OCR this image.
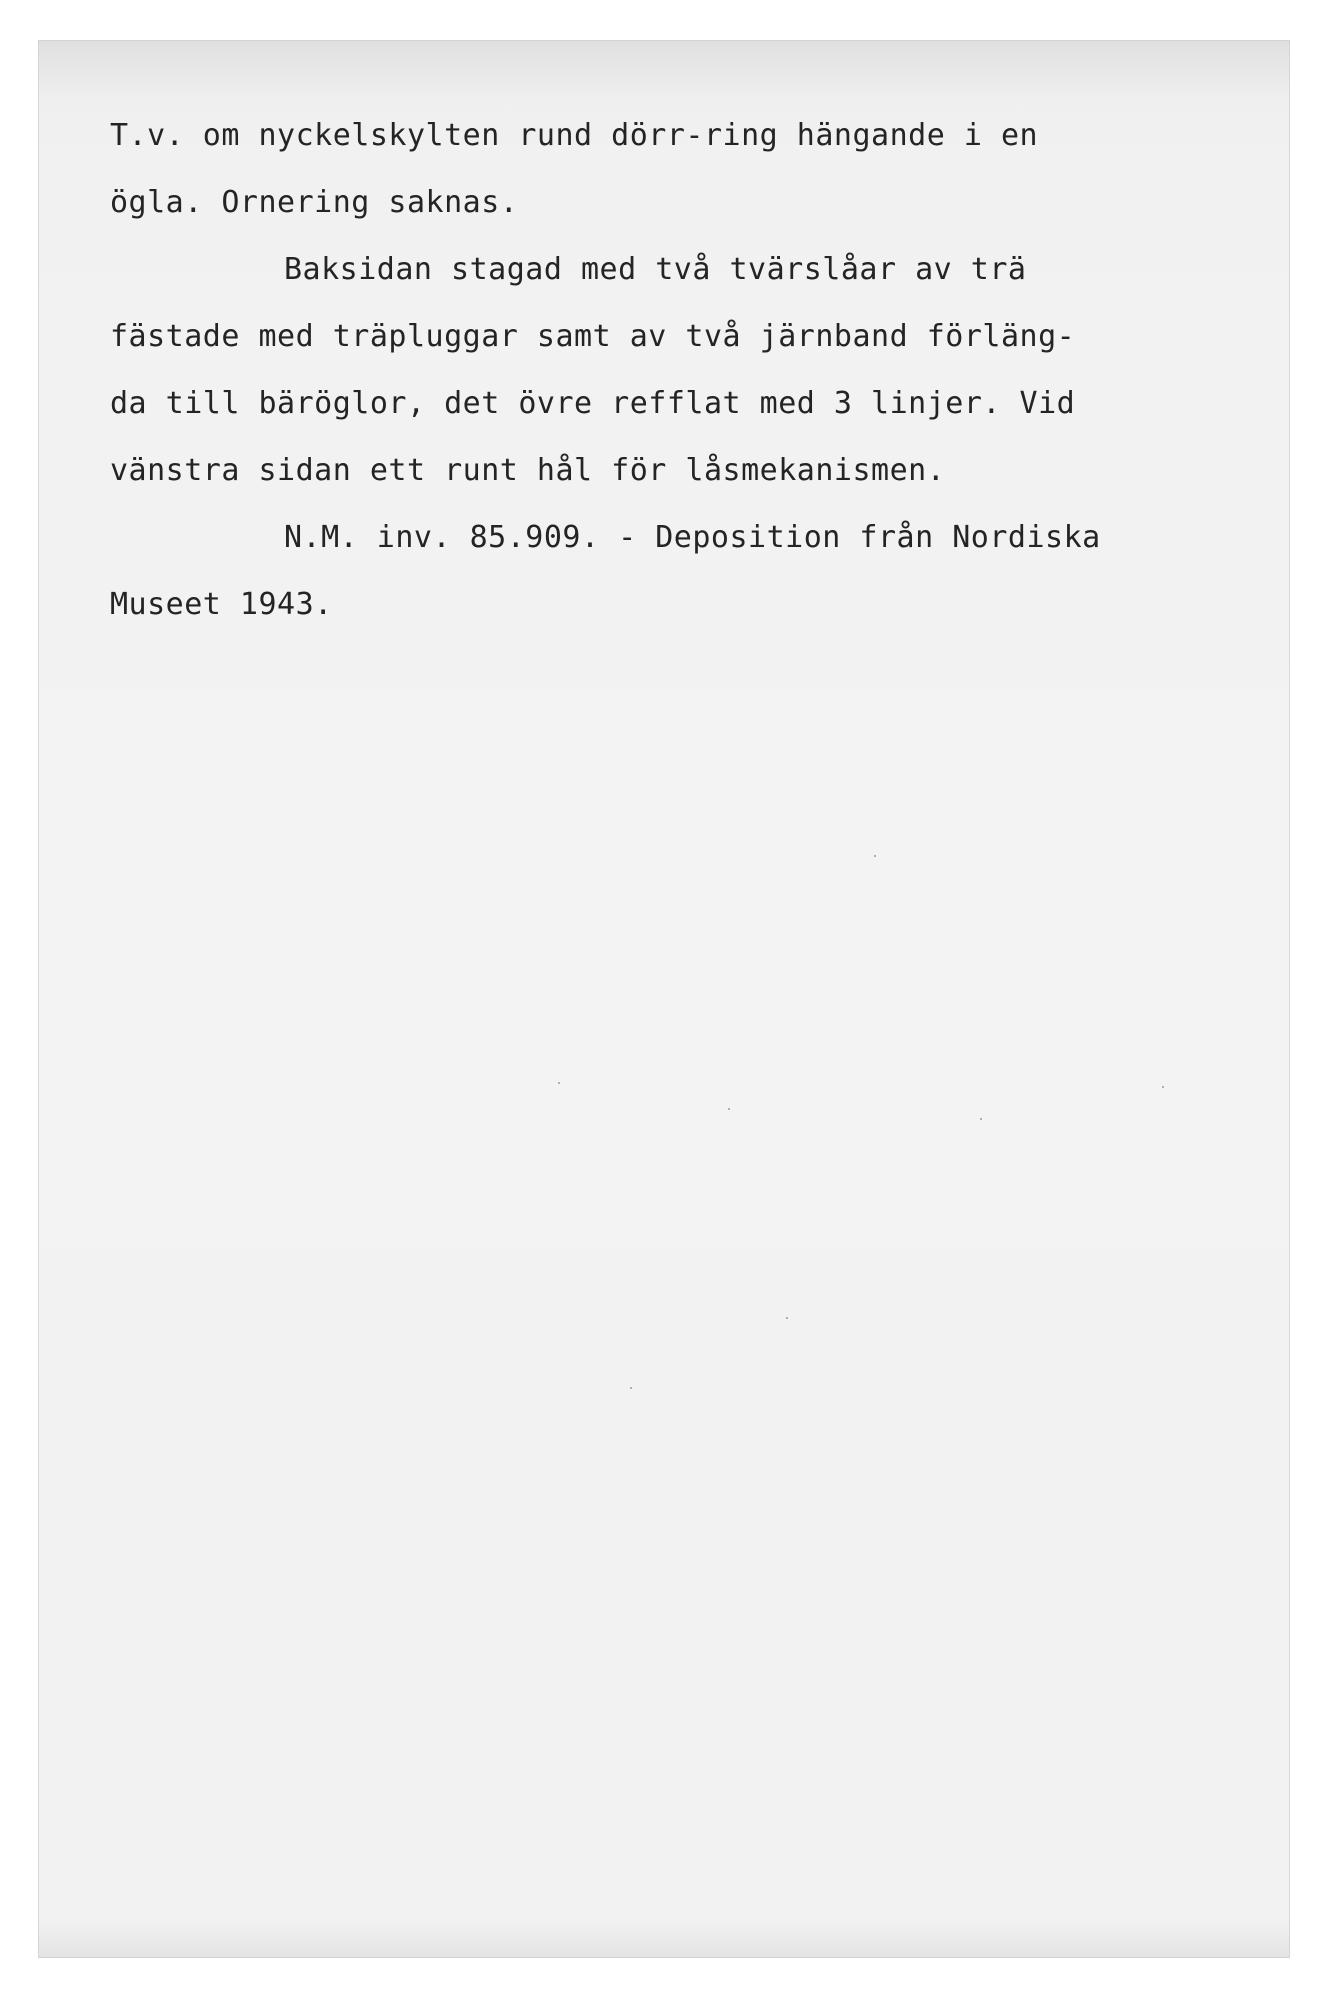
T.v. om nyckelskylten rund dörr-ring hängande i en
ögla. Ornering saknas.
Baksidan stagad med två tvärslåar av trä
fästade med träpluggar samt av två järnband förläng-
da till bäröglor, det övre refflat med 3 linjer. Vid
vänstra sidan ett runt hål för låsmekanismen.
N.M. inv. 85.909. - Deposition från Nordiska
Museet 1943.
